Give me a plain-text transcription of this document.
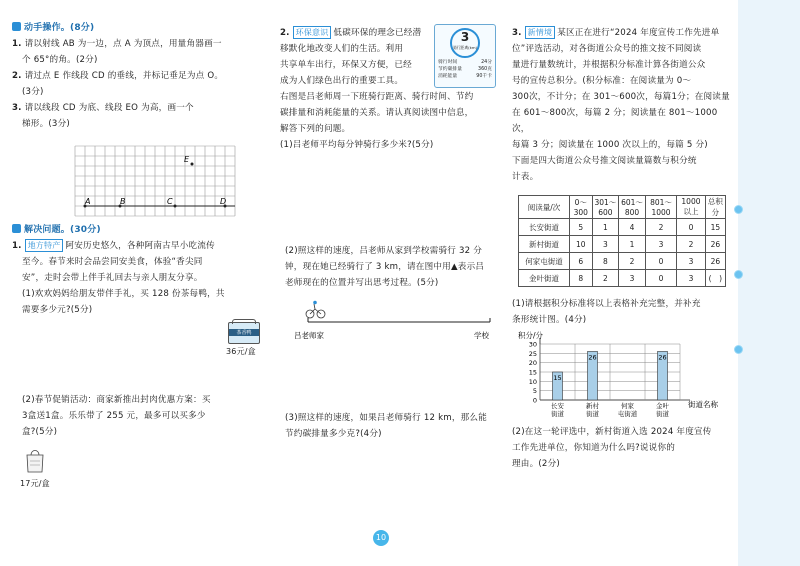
动手操作。(8分)
1. 请以射线 AB 为一边，点 A 为顶点，用量角器画一
个 65°的角。(2分)
2. 请过点 E 作线段 CD 的垂线，并标记垂足为点 O。
(3分)
3. 请以线段 CD 为底、线段 EO 为高，画一个
梯形。(3分)
A	B	C	D
E
解决问题。(30分)
1. 地方特产 阿安历史悠久，各种阿南古早小吃流传
至今。春节来时会品尝同安美食，体验“香尖同
安”，走时会带上伴手礼回去与亲人朋友分享。
(1)欢欢妈妈给朋友带伴手礼，买 128 份茶每鸭，共
需要多少元?(5分)
茶香鸭
36元/盒
(2)春节促销活动：商家新推出封肉优惠方案：买
3盒送1盒。乐乐带了 255 元，最多可以买多少
盒?(5分)
17元/盒
2. 环保意识 低碳环保的理念已经潜
移默化地改变人们的生活。利用
共享单车出行，环保又方便，已经
成为人们绿色出行的重要工具。
3
骑行距离(km)
骑行时间	24分
节约碳排量	360克
消耗能量	90千卡
右图是吕老师周一下班骑行距离、骑行时间、节约
碳排量和消耗能量的关系。请认真阅读图中信息，
解答下列的问题。
(1)吕老师平均每分钟骑行多少米?(5分)
(2)照这样的速度，吕老师从家到学校需骑行 32 分
钟，现在她已经骑行了 3 km，请在图中用▲表示吕
老师现在的位置并写出思考过程。(5分)
吕老师家	学校
(3)照这样的速度，如果吕老师骑行 12 km，那么能
节约碳排量多少克?(4分)
3. 新情境 某区正在进行“2024 年度宣传工作先进单
位”评选活动，对各街道公众号的推文按不同阅读
量进行量数统计，并根据积分标准计算各街道公众
号的宣传总积分。(积分标准：在阅读量为 0～
300次，不计分；在 301～600次，每篇1分；在阅读量
在 601～800次，每篇 2 分；阅读量在 801～1000 次，
每篇 3 分；阅读量在 1000 次以上的，每篇 5 分)
下面是四大街道公众号推文阅读量篇数与积分统
计表。
阅读量/次	0～300	301～600	601～800	801～1000	1000以上	总积分
长安街道	5	1	4	2	0	15
新村街道	10	3	1	3	2	26
何家屯街道	6	8	2	0	3	26
金叶街道	8	2	3	0	3	(　)
(1)请根据积分标准将以上表格补充完整，并补充
条形统计图。(4分)
积分/分
街道名称
15
26	26
0
5
10
15
20
25
30
长安
街道
新村
街道
何家
屯街道
金叶
街道
(2)在这一轮评选中，新村街道入选 2024 年度宣传
工作先进单位，你知道为什么吗?说说你的
理由。(2分)
10
